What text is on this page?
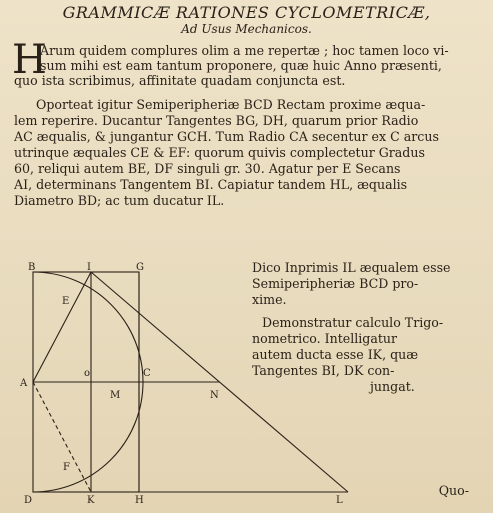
GRAMMICÆ RATIONES CYCLOMETRICÆ,
Ad Usus Mechanicos.
H
Arum quidem complures olim a me repertæ ; hoc tamen loco vi-
sum mihi est eam tantum proponere, quæ huic Anno præsenti,
quo ista scribimus, affinitate quadam conjuncta est.
Oporteat igitur Semiperipheriæ BCD Rectam proxime æqua-
lem reperire. Ducantur Tangentes BG, DH, quarum prior Radio
AC æqualis, & jungantur GCH. Tum Radio CA secentur ex C arcus
utrinque æquales CE & EF: quorum quivis complectetur Gradus
60, reliqui autem BE, DF singuli gr. 30. Agatur per E Secans
AI, determinans Tangentem BI. Capiatur tandem HL, æqualis
Diametro BD; ac tum ducatur IL.
B	I	G
E
A
o	C
M	N
F
D	K	H	L
Dico Inprimis IL æqualem esse
Semiperipheriæ BCD pro-
xime.
Demonstratur calculo Trigo-
nometrico. Intelligatur
autem ducta esse IK, quæ
Tangentes BI, DK con-
jungat.
Quo-
